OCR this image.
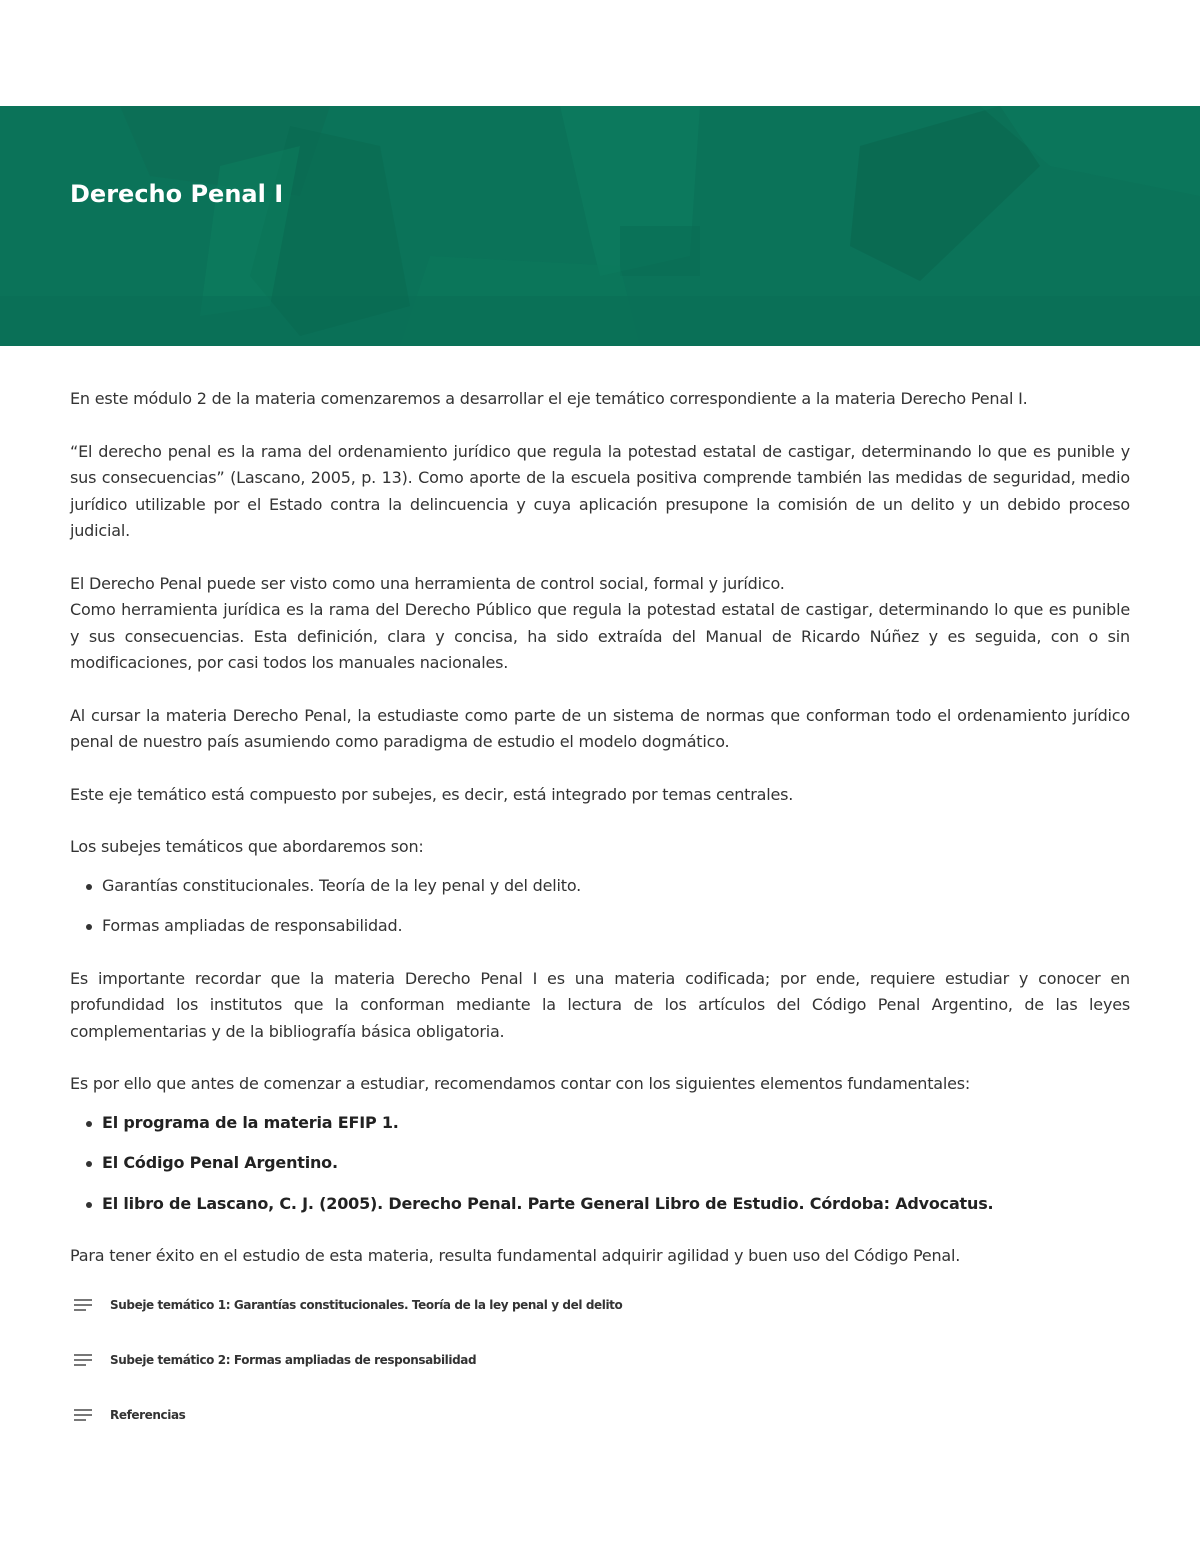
Derecho Penal I

En este módulo 2 de la materia comenzaremos a desarrollar el eje temático correspondiente a la materia Derecho Penal I.

“El derecho penal es la rama del ordenamiento jurídico que regula la potestad estatal de castigar, determinando lo que es punible y sus consecuencias” (Lascano, 2005, p. 13). Como aporte de la escuela positiva comprende también las medidas de seguridad, medio jurídico utilizable por el Estado contra la delincuencia y cuya aplicación presupone la comisión de un delito y un debido proceso judicial.

El Derecho Penal puede ser visto como una herramienta de control social, formal y jurídico.

Como herramienta jurídica es la rama del Derecho Público que regula la potestad estatal de castigar, determinando lo que es punible y sus consecuencias. Esta definición, clara y concisa, ha sido extraída del Manual de Ricardo Núñez y es seguida, con o sin modificaciones, por casi todos los manuales nacionales.

Al cursar la materia Derecho Penal, la estudiaste como parte de un sistema de normas que conforman todo el ordenamiento jurídico penal de nuestro país asumiendo como paradigma de estudio el modelo dogmático.

Este eje temático está compuesto por subejes, es decir, está integrado por temas centrales.

Los subejes temáticos que abordaremos son:

Garantías constitucionales. Teoría de la ley penal y del delito.
Formas ampliadas de responsabilidad.

Es importante recordar que la materia Derecho Penal I es una materia codificada; por ende, requiere estudiar y conocer en profundidad los institutos que la conforman mediante la lectura de los artículos del Código Penal Argentino, de las leyes complementarias y de la bibliografía básica obligatoria.

Es por ello que antes de comenzar a estudiar, recomendamos contar con los siguientes elementos fundamentales:

El programa de la materia EFIP 1.
El Código Penal Argentino.
El libro de Lascano, C. J. (2005). Derecho Penal. Parte General Libro de Estudio. Córdoba: Advocatus.

Para tener éxito en el estudio de esta materia, resulta fundamental adquirir agilidad y buen uso del Código Penal.

Subeje temático 1: Garantías constitucionales. Teoría de la ley penal y del delito
Subeje temático 2: Formas ampliadas de responsabilidad
Referencias
